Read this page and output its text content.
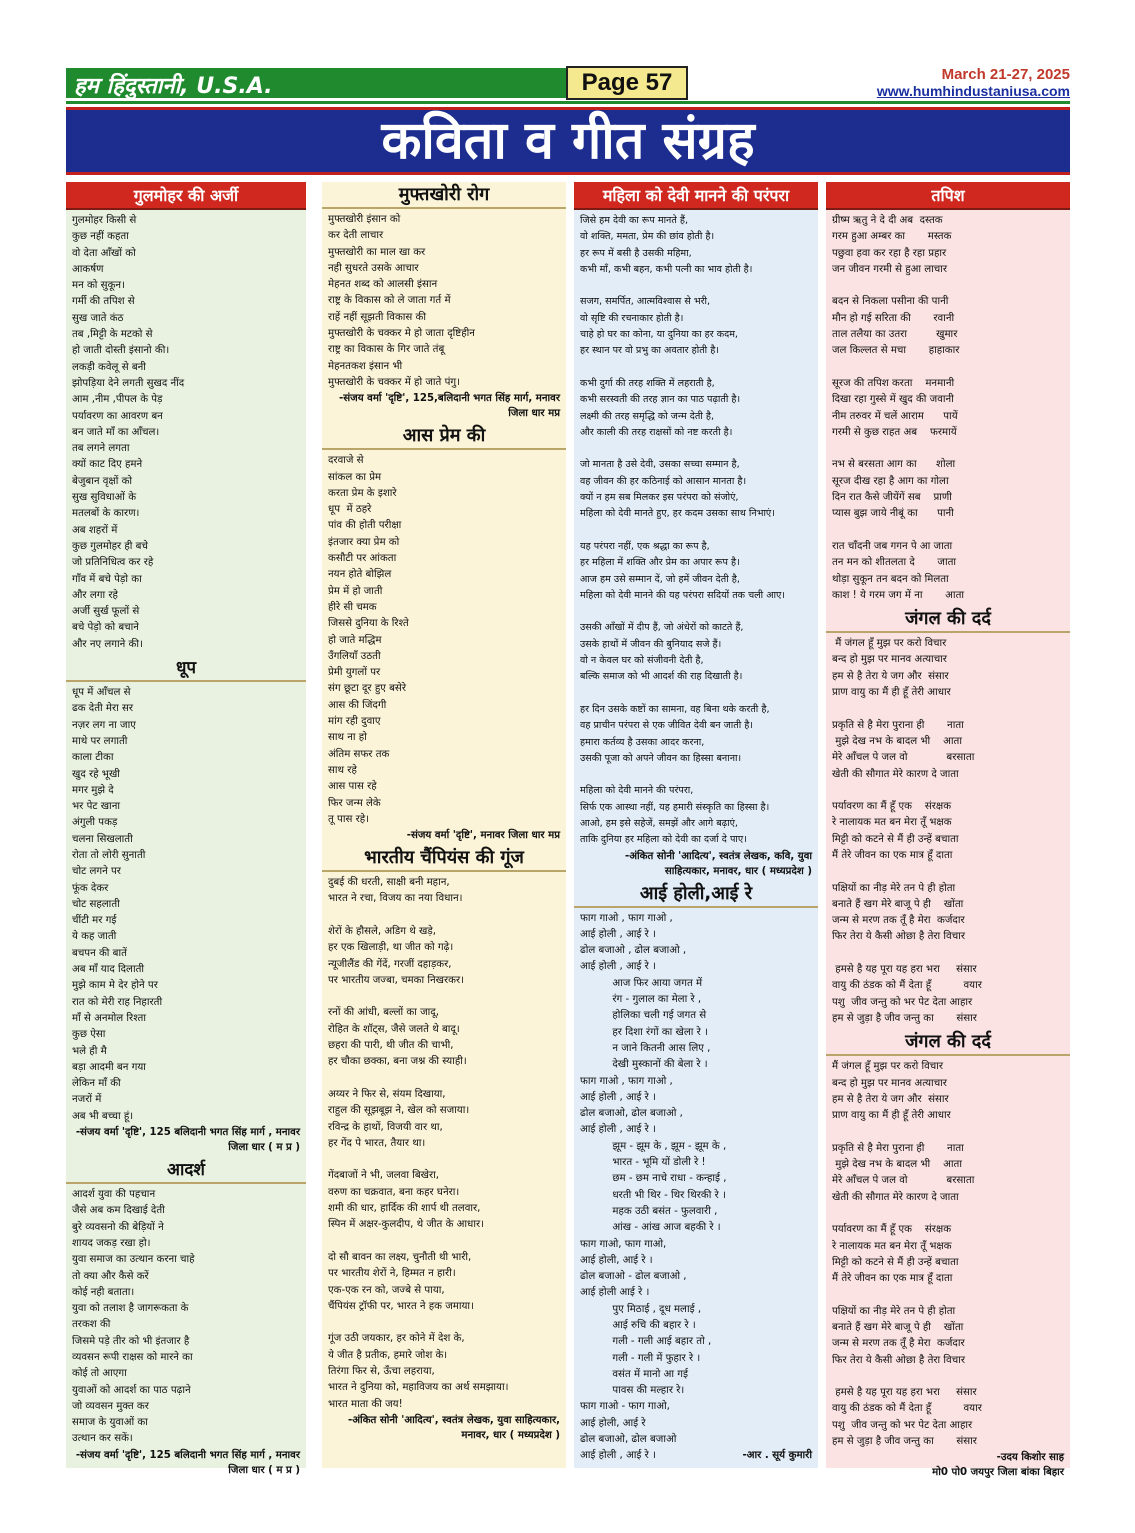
हम हिंदुस्तानी, U.S.A.	Page 57	March 21-27, 2025
www.humhindustaniusa.com
कविता व गीत संग्रह
गुलमोहर की अर्जी
गुलमोहर किसी से
कुछ नहीं कहता
वो देता आँखों को
आकर्षण
मन को सुकून।
गर्मी की तपिश से
सुख जाते कंठ
तब ,मिट्टी के मटको से
हो जाती दोस्ती इंसानो की।
लकड़ी कवेलू से बनी
झोपड़िया देने लगती सुखद नींद
आम ,नीम ,पीपल के पेड़
पर्यावरण का आवरण बन
बन जाते माँ का आँचल।
तब लगने लगता
क्यों काट दिए हमने
बेजुबान वृक्षों को
सुख सुविधाओं के
मतलबों के कारण।
अब शहरों में
कुछ गुलमोहर ही बचे
जो प्रतिनिधित्व कर रहे
गाँव में बचे पेड़ो का
और लगा रहे
अर्जी सुर्ख फूलों से
बचे पेड़ो को बचाने
और नए लगाने की।
धूप
धूप में आँचल से
ढक देती मेरा सर
नज़र लग ना जाए
माथे पर लगाती
काला टीका
खुद रहे भूखी
मगर मुझे दे
भर पेट खाना
अंगुली पकड़
चलना सिखलाती
रोता तो लोरी सुनाती
चोट लगने पर
फूंक देकर
चोट सहलाती
चींटी मर गई
ये कह जाती
बचपन की बातें
अब माँ याद दिलाती
मुझे काम मे देर होने पर
रात को मेरी राह निहारती
माँ से अनमोल रिश्ता
कुछ ऐसा
भले ही मै
बड़ा आदमी बन गया
लेकिन माँ की
नजरों में
अब भी बच्चा हूं।
-संजय वर्मा 'दृष्टि', 125 बलिदानी भगत सिंह मार्ग , मनावर जिला धार ( म प्र )
आदर्श
आदर्श युवा की पहचान
जैसे अब कम दिखाई देती
बुरे व्यवसनो की बेड़ियों ने
शायद जकड़ रखा हो।
युवा समाज का उत्थान करना चाहे
तो क्या और कैसे करें
कोई नही बताता।
युवा को तलाश है जागरूकता के
तरकश की
जिसमे पड़े तीर को भी इंतजार है
व्यवसन रूपी राक्षस को मारने का
कोई तो आएगा
युवाओं को आदर्श का पाठ पढ़ाने
जो व्यवसन मुक्त कर
समाज के युवाओं का
उत्थान कर सकें।
-संजय वर्मा 'दृष्टि', 125 बलिदानी भगत सिंह मार्ग , मनावर जिला धार ( म प्र )
मुफ्तखोरी रोग
मुफ्तखोरी इंसान को
कर देती लाचार
मुफ्तखोरी का माल खा कर
नही सुधरते उसके आचार
मेहनत शब्द को आलसी इंसान
राष्ट्र के विकास को ले जाता गर्त में
राहें नहीं सूझती विकास की
मुफ्तखोरी के चक्कर मे हो जाता दृष्टिहीन
राष्ट्र का विकास के गिर जाते तंबू
मेहनतकश इंसान भी
मुफ्तखोरी के चक्कर में हो जाते पंगु।
-संजय वर्मा 'दृष्टि', 125,बलिदानी भगत सिंह मार्ग, मनावर जिला धार मप्र
आस प्रेम की
दरवाजे से
सांकल का प्रेम
करता प्रेम के इशारे
धूप  में ठहरे
पांव की होती परीक्षा
इंतजार क्या प्रेम को
कसौटी पर आंकता
नयन होते बोझिल
प्रेम में हो जाती
हीरे सी चमक
जिससे दुनिया के रिश्ते
हो जाते मद्धिम
उँगलियाँ उठती
प्रेमी युगलों पर
संग छूटा दूर हुए बसेरे
आस की जिंदगी
मांग रही दुवाए
साथ ना हो
अंतिम सफर तक
साथ रहे
आस पास रहे
फिर जन्म लेके
तू पास रहे।
-संजय वर्मा 'दृष्टि', मनावर जिला धार मप्र
भारतीय चैंपियंस की गूंज
दुबई की धरती, साक्षी बनी महान,
भारत ने रचा, विजय का नया विधान।

शेरों के हौसले, अडिग थे खड़े,
हर एक खिलाड़ी, था जीत को गढ़े।
न्यूजीलैंड की गेंदें, गरजीं दहाड़कर,
पर भारतीय जज्बा, चमका निखरकर।

रनों की आंधी, बल्लों का जादू,
रोहित के शॉट्स, जैसे जलते थे बादू।
छहरा की पारी, थी जीत की चाभी,
हर चौका छक्का, बना जश्न की स्याही।

अय्यर ने फिर से, संयम दिखाया,
राहुल की सूझबूझ ने, खेल को सजाया।
रविन्द्र के हाथों, विजयी वार था,
हर गेंद पे भारत, तैयार था।

गेंदबाजों ने भी, जलवा बिखेरा,
वरुण का चक्रवात, बना कहर घनेरा।
शमी की धार, हार्दिक की शार्प थी तलवार,
स्पिन में अक्षर-कुलदीप, थे जीत के आधार।

दो सौ बावन का लक्ष्य, चुनौती थी भारी,
पर भारतीय शेरों ने, हिम्मत न हारी।
एक-एक रन को, जज्बे से पाया,
चैंपियंस ट्रॉफी पर, भारत ने हक जमाया।

गूंज उठी जयकार, हर कोने में देश के,
ये जीत है प्रतीक, हमारे जोश के।
तिरंगा फिर से, ऊँचा लहराया,
भारत ने दुनिया को, महाविजय का अर्थ समझाया।
भारत माता की जय!
-अंकित सोनी 'आदित्य', स्वतंत्र लेखक, युवा साहित्यकार, मनावर, धार ( मध्यप्रदेश )
महिला को देवी मानने की परंपरा
जिसे हम देवी का रूप मानते हैं,
वो शक्ति, ममता, प्रेम की छांव होती है।
हर रूप में बसी है उसकी महिमा,
कभी माँ, कभी बहन, कभी पत्नी का भाव होती है।

सजग, समर्पित, आत्मविश्वास से भरी,
वो सृष्टि की रचनाकार होती है।
चाहे हो घर का कोना, या दुनिया का हर कदम,
हर स्थान पर वो प्रभु का अवतार होती है।

कभी दुर्गा की तरह शक्ति में लहराती है,
कभी सरस्वती की तरह ज्ञान का पाठ पढ़ाती है।
लक्ष्मी की तरह समृद्धि को जन्म देती है,
और काली की तरह राक्षसों को नष्ट करती है।

जो मानता है उसे देवी, उसका सच्चा सम्मान है,
वह जीवन की हर कठिनाई को आसान मानता है।
क्यों न हम सब मिलकर इस परंपरा को संजोएं,
महिला को देवी मानते हुए, हर कदम उसका साथ निभाएं।

यह परंपरा नहीं, एक श्रद्धा का रूप है,
हर महिला में शक्ति और प्रेम का अपार रूप है।
आज हम उसे सम्मान दें, जो हमें जीवन देती है,
महिला को देवी मानने की यह परंपरा सदियों तक चली आए।

उसकी आँखों में दीप हैं, जो अंधेरों को काटते हैं,
उसके हाथों में जीवन की बुनियाद सजे हैं।
वो न केवल घर को संजीवनी देती है,
बल्कि समाज को भी आदर्श की राह दिखाती है।

हर दिन उसके कष्टों का सामना, वह बिना थके करती है,
वह प्राचीन परंपरा से एक जीवित देवी बन जाती है।
हमारा कर्तव्य है उसका आदर करना,
उसकी पूजा को अपने जीवन का हिस्सा बनाना।

महिला को देवी मानने की परंपरा,
सिर्फ एक आस्था नहीं, यह हमारी संस्कृति का हिस्सा है।
आओ, हम इसे सहेजें, समझें और आगे बढ़ाएं,
ताकि दुनिया हर महिला को देवी का दर्जा दे पाए।
-अंकित सोनी 'आदित्य', स्वतंत्र लेखक, कवि, युवा साहित्यकार, मनावर, धार ( मध्यप्रदेश )
आई होली,आई रे
फाग गाओ , फाग गाओ ,
आई होली , आई रे ।
ढोल बजाओ , ढोल बजाओ ,
आई होली , आई रे ।
आज फिर आया जगत में
रंग - गुलाल का मेला रे ,
होलिका चली गई जगत से
हर दिशा रंगों का खेला रे ।
न जाने कितनी आस लिए ,
देखी मुस्कानों की बेला रे ।
फाग गाओ , फाग गाओ ,
आई होली , आई रे ।
ढोल बजाओ, ढोल बजाओ ,
आई होली , आई रे ।
झूम - झूम के , झूम - झूम के ,
भारत - भूमि यों डोली रे !
छम - छम नाचे राधा - कन्हाई ,
धरती भी थिर - थिर थिरकी रे ।
महक उठी बसंत - फुलवारी ,
आंख - आंख आज बहकी रे ।
फाग गाओ, फाग गाओ,
आई होली, आई रे ।
ढोल बजाओ - ढोल बजाओ ,
आई होली आई रे ।
पुए मिठाई , दूध मलाई ,
आई रुचि की बहार रे ।
गली - गली आई बहार तो ,
गली - गली में फुहार रे ।
वसंत में मानो आ गई
पावस की मल्हार रे।
फाग गाओ - फाग गाओ,
आई होली, आई रे
ढोल बजाओ, ढोल बजाओ
आई होली , आई रे ।	-आर . सूर्य कुमारी
तपिश
ग्रीष्म ऋतु ने दे दी अब  दस्तक
गरम हुआ अम्बर का       मस्तक
पछुवा हवा कर रहा है रहा प्रहार
जन जीवन गरमी से हुआ लाचार

बदन से निकला पसीना की पानी
मौन हो गई सरिता की       रवानी
ताल तलैया का उतरा         खुमार
जल किल्लत से मचा       हाहाकार

सूरज की तपिश करता    मनमानी
दिखा रहा गुस्से में खुद की जवानी
नीम तरुवर में चलें आराम      पायें
गरमी से कुछ राहत अब    फरमायें

नभ से बरसता आग का      शोला
सूरज दीख रहा है आग का गोला
दिन रात कैसे जीयेंगें सब    प्राणी
प्यास बुझ जाये नीबूं का      पानी

रात चाँदनी जब गगन पे आ जाता
तन मन को शीतलता दे       जाता
थोड़ा सुकून तन बदन को मिलता
काश ! ये गरम जग में ना       आता
जंगल की दर्द
मैं जंगल हूँ मुझ पर करो विचार
बन्द हो मुझ पर मानव अत्याचार
हम से है तेरा ये जग और  संसार
प्राण वायु का मैं ही हूँ तेरी आधार

प्रकृति से है मेरा पुराना ही       नाता
मुझे देख नभ के बादल भी    आता
मेरे आँचल पे जल वो            बरसाता
खेती की सौगात मेरे कारण दे जाता

पर्यावरण का मैं हूँ एक    संरक्षक
रे नालायक मत बन मेरा तूँ भक्षक
मिट्टी को कटने से मैं ही उन्हें बचाता
मैं तेरे जीवन का एक मात्र हूँ दाता

पक्षियों का नीड़ मेरे तन पे ही होता
बनाते हैं खग मेरे बाजू पे ही    खोंता
जन्म से मरण तक तूँ है मेरा  कर्जदार
फिर तेरा ये कैसी ओछा है तेरा विचार

हमसे है यह पूरा यह हरा भरा     संसार
वायु की ठंडक को मैं देता हूँ          वयार
पशु  जीव जन्तु को भर पेट देता आहार
हम से जुड़ा है जीव जन्तु का       संसार
जंगल की दर्द
मैं जंगल हूँ मुझ पर करो विचार
बन्द हो मुझ पर मानव अत्याचार
हम से है तेरा ये जग और  संसार
प्राण वायु का मैं ही हूँ तेरी आधार

प्रकृति से है मेरा पुराना ही       नाता
मुझे देख नभ के बादल भी    आता
मेरे आँचल पे जल वो            बरसाता
खेती की सौगात मेरे कारण दे जाता

पर्यावरण का मैं हूँ एक    संरक्षक
रे नालायक मत बन मेरा तूँ भक्षक
मिट्टी को कटने से मैं ही उन्हें बचाता
मैं तेरे जीवन का एक मात्र हूँ दाता

पक्षियों का नीड़ मेरे तन पे ही होता
बनाते हैं खग मेरे बाजू पे ही    खोंता
जन्म से मरण तक तूँ है मेरा  कर्जदार
फिर तेरा ये कैसी ओछा है तेरा विचार

हमसे है यह पूरा यह हरा भरा     संसार
वायु की ठंडक को मैं देता हूँ          वयार
पशु  जीव जन्तु को भर पेट देता आहार
हम से जुड़ा है जीव जन्तु का       संसार
-उदय किशोर साह
मो0 पो0 जयपुर जिला बांका बिहार
